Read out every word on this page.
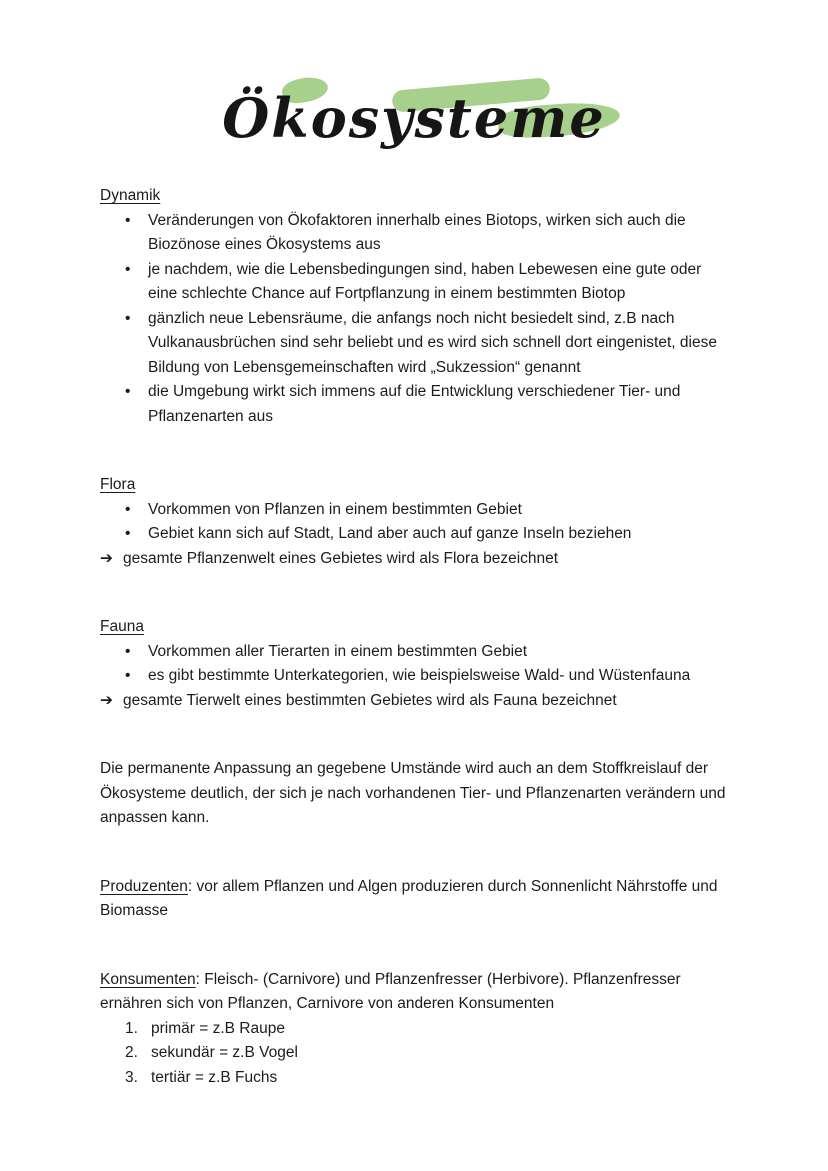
Ökosysteme
Dynamik
•	Veränderungen von Ökofaktoren innerhalb eines Biotops, wirken sich auch die Biozönose eines Ökosystems aus
•	je nachdem, wie die Lebensbedingungen sind, haben Lebewesen eine gute oder eine schlechte Chance auf Fortpflanzung in einem bestimmten Biotop
•	gänzlich neue Lebensräume, die anfangs noch nicht besiedelt sind, z.B nach Vulkanausbrüchen sind sehr beliebt und es wird sich schnell dort eingenistet, diese Bildung von Lebensgemeinschaften wird „Sukzession“ genannt
•	die Umgebung wirkt sich immens auf die Entwicklung verschiedener Tier- und Pflanzenarten aus
Flora
•	Vorkommen von Pflanzen in einem bestimmten Gebiet
•	Gebiet kann sich auf Stadt, Land aber auch auf ganze Inseln beziehen
➔ gesamte Pflanzenwelt eines Gebietes wird als Flora bezeichnet
Fauna
•	Vorkommen aller Tierarten in einem bestimmten Gebiet
•	es gibt bestimmte Unterkategorien, wie beispielsweise Wald- und Wüstenfauna
➔ gesamte Tierwelt eines bestimmten Gebietes wird als Fauna bezeichnet

Die permanente Anpassung an gegebene Umstände wird auch an dem Stoffkreislauf der Ökosysteme deutlich, der sich je nach vorhandenen Tier- und Pflanzenarten verändern und anpassen kann.

Produzenten: vor allem Pflanzen und Algen produzieren durch Sonnenlicht Nährstoffe und Biomasse

Konsumenten: Fleisch- (Carnivore) und Pflanzenfresser (Herbivore). Pflanzenfresser ernähren sich von Pflanzen, Carnivore von anderen Konsumenten

1. primär = z.B Raupe
2. sekundär = z.B Vogel
3. tertiär = z.B Fuchs
